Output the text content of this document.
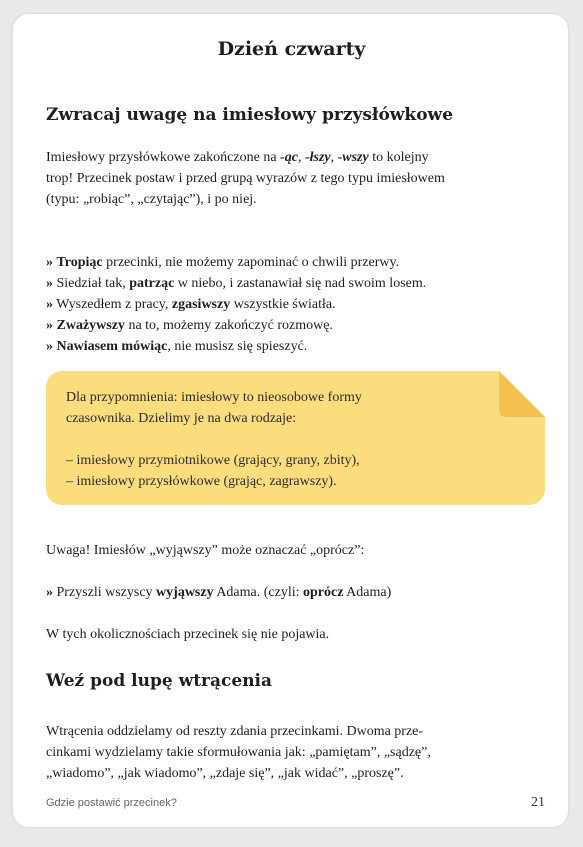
Dzień czwarty
Zwracaj uwagę na imiesłowy przysłówkowe
Imiesłowy przysłówkowe zakończone na -ąc, -łszy, -wszy to kolejny
trop! Przecinek postaw i przed grupą wyrazów z tego typu imiesłowem
(typu: „robiąc”, „czytając”), i po niej.
» Tropiąc przecinki, nie możemy zapominać o chwili przerwy.
» Siedział tak, patrząc w niebo, i zastanawiał się nad swoim losem.
» Wyszedłem z pracy, zgasiwszy wszystkie światła.
» Zważywszy na to, możemy zakończyć rozmowę.
» Nawiasem mówiąc, nie musisz się spieszyć.
Dla przypomnienia: imiesłowy to nieosobowe formy
czasownika. Dzielimy je na dwa rodzaje:
– imiesłowy przymiotnikowe (grający, grany, zbity),
– imiesłowy przysłówkowe (grając, zagrawszy).
Uwaga! Imiesłów „wyjąwszy” może oznaczać „oprócz”:
» Przyszli wszyscy wyjąwszy Adama. (czyli: oprócz Adama)
W tych okolicznościach przecinek się nie pojawia.
Weź pod lupę wtrącenia
Wtrącenia oddzielamy od reszty zdania przecinkami. Dwoma prze-
cinkami wydzielamy takie sformułowania jak: „pamiętam”, „sądzę”,
„wiadomo”, „jak wiadomo”, „zdaje się”, „jak widać”, „proszę”.
Gdzie postawić przecinek?	21
